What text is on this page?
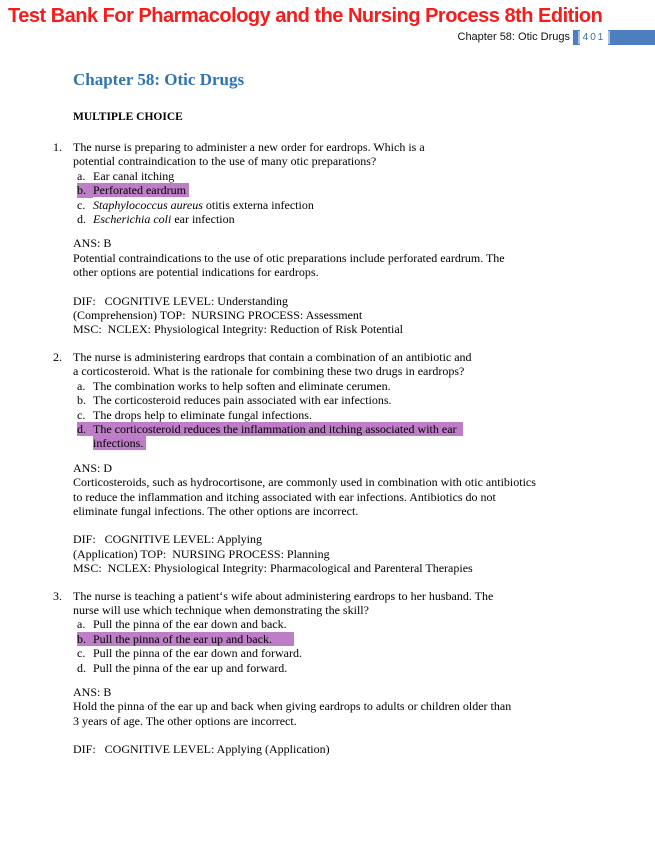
Test Bank For Pharmacology and the Nursing Process 8th Edition
Chapter 58: Otic Drugs 401
Chapter 58: Otic Drugs
MULTIPLE CHOICE
1. The nurse is preparing to administer a new order for eardrops. Which is a
potential contraindication to the use of many otic preparations?
a. Ear canal itching
b. Perforated eardrum
c. Staphylococcus aureus otitis externa infection
d. Escherichia coli ear infection
ANS: B
Potential contraindications to the use of otic preparations include perforated eardrum. The
other options are potential indications for eardrops.
DIF:   COGNITIVE LEVEL: Understanding
(Comprehension) TOP:  NURSING PROCESS: Assessment
MSC:  NCLEX: Physiological Integrity: Reduction of Risk Potential
2. The nurse is administering eardrops that contain a combination of an antibiotic and
a corticosteroid. What is the rationale for combining these two drugs in eardrops?
a. The combination works to help soften and eliminate cerumen.
b. The corticosteroid reduces pain associated with ear infections.
c. The drops help to eliminate fungal infections.
d. The corticosteroid reduces the inflammation and itching associated with ear
infections.
ANS: D
Corticosteroids, such as hydrocortisone, are commonly used in combination with otic antibiotics
to reduce the inflammation and itching associated with ear infections. Antibiotics do not
eliminate fungal infections. The other options are incorrect.
DIF:   COGNITIVE LEVEL: Applying
(Application) TOP:  NURSING PROCESS: Planning
MSC:  NCLEX: Physiological Integrity: Pharmacological and Parenteral Therapies
3. The nurse is teaching a patient‘s wife about administering eardrops to her husband. The
nurse will use which technique when demonstrating the skill?
a. Pull the pinna of the ear down and back.
b. Pull the pinna of the ear up and back.
c. Pull the pinna of the ear down and forward.
d. Pull the pinna of the ear up and forward.
ANS: B
Hold the pinna of the ear up and back when giving eardrops to adults or children older than
3 years of age. The other options are incorrect.
DIF:   COGNITIVE LEVEL: Applying (Application)
